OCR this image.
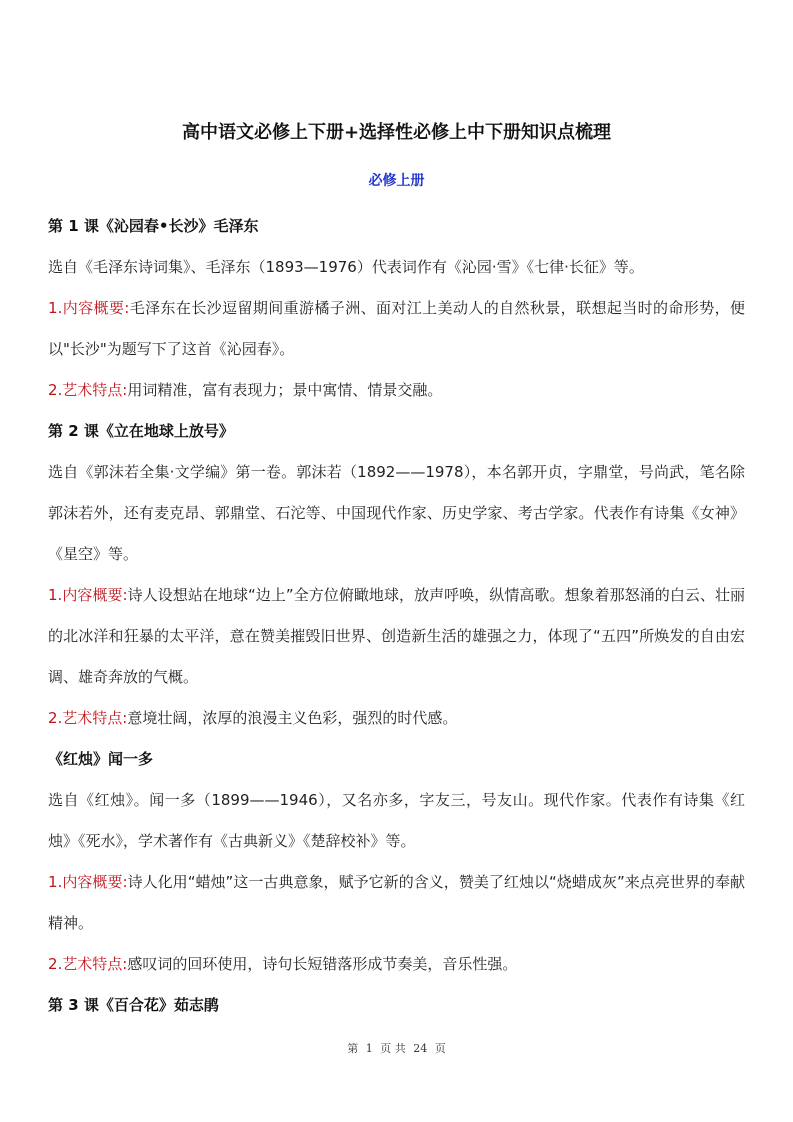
高中语文必修上下册+选择性必修上中下册知识点梳理
必修上册

第 1 课《沁园春•长沙》毛泽东

选自《毛泽东诗词集》、毛泽东（1893—1976）代表词作有《沁园·雪》《七律·长征》等。

1.内容概要:毛泽东在长沙逗留期间重游橘子洲、面对江上美动人的自然秋景，联想起当时的命形势，便以"长沙"为题写下了这首《沁园春》。

2.艺术特点:用词精准，富有表现力；景中寓情、情景交融。

第 2 课《立在地球上放号》

选自《郭沫若全集·文学编》第一卷。郭沫若（1892——1978），本名郭开贞，字鼎堂，号尚武，笔名除郭沫若外，还有麦克昂、郭鼎堂、石沱等、中国现代作家、历史学家、考古学家。代表作有诗集《女神》《星空》等。

1.内容概要:诗人设想站在地球“边上”全方位俯瞰地球，放声呼唤，纵情高歌。想象着那怒涌的白云、壮丽的北冰洋和狂暴的太平洋，意在赞美摧毁旧世界、创造新生活的雄强之力，体现了“五四”所焕发的自由宏调、雄奇奔放的气概。

2.艺术特点:意境壮阔，浓厚的浪漫主义色彩，强烈的时代感。

《红烛》闻一多

选自《红烛》。闻一多（1899——1946），又名亦多，字友三，号友山。现代作家。代表作有诗集《红烛》《死水》，学术著作有《古典新义》《楚辞校补》等。

1.内容概要:诗人化用“蜡烛”这一古典意象，赋予它新的含义，赞美了红烛以“烧蜡成灰”来点亮世界的奉献精神。

2.艺术特点:感叹词的回环使用，诗句长短错落形成节奏美，音乐性强。

第 3 课《百合花》茹志鹃

第 1 页 共 24 页
